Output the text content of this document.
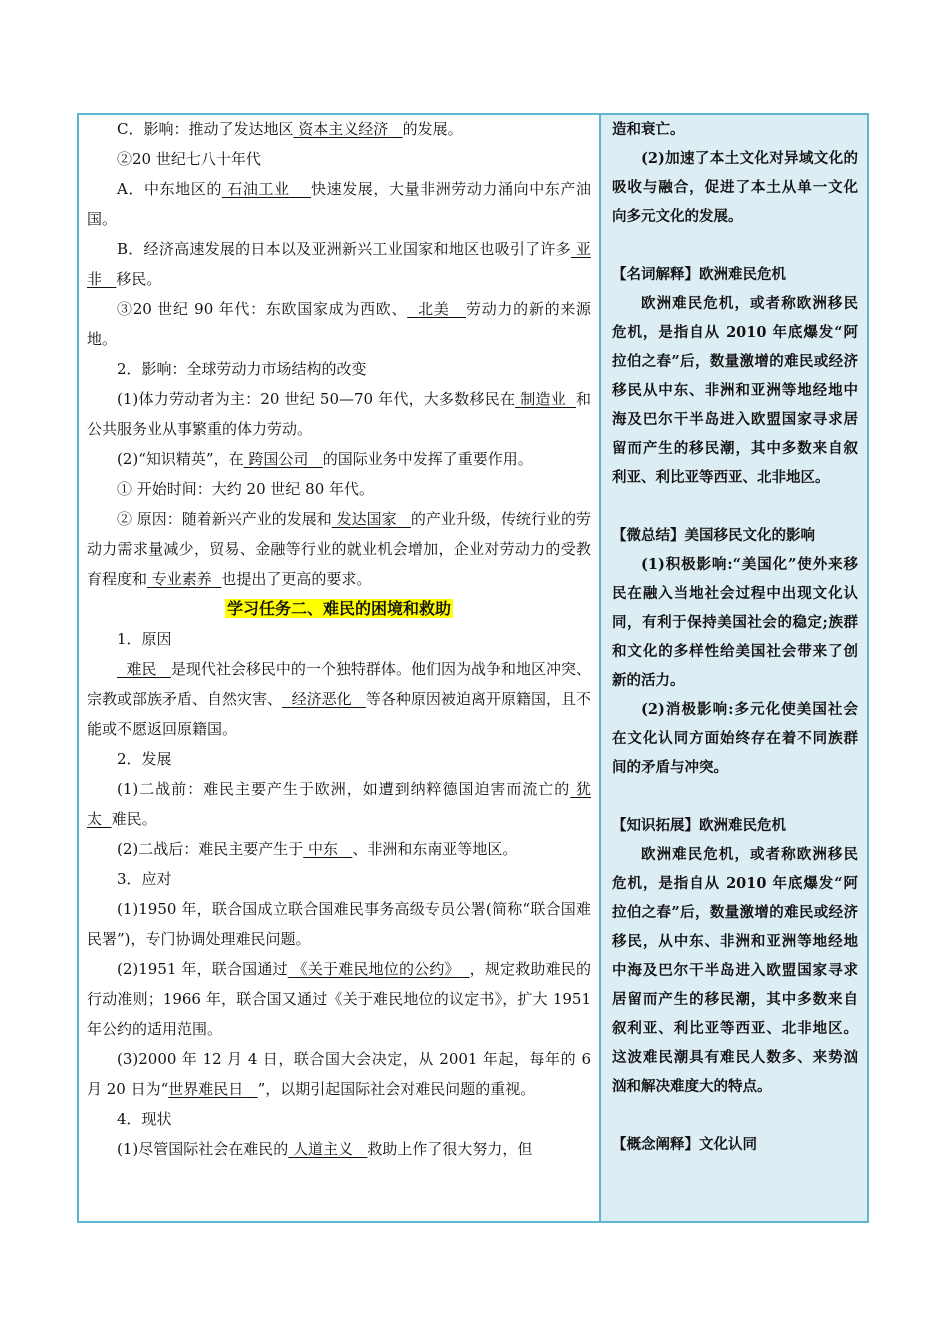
C．影响：推动了发达地区 资本主义经济 的发展。

②20 世纪七八十年代

A．中东地区的 石油工业 快速发展，大量非洲劳动力涌向中东产油国。

B．经济高速发展的日本以及亚洲新兴工业国家和地区也吸引了许多 亚非 移民。

③20 世纪 90 年代：东欧国家成为西欧、 北美 劳动力的新的来源地。

2．影响：全球劳动力市场结构的改变

(1)体力劳动者为主：20 世纪 50—70 年代，大多数移民在 制造业 和公共服务业从事繁重的体力劳动。

(2)“知识精英”，在 跨国公司 的国际业务中发挥了重要作用。

① 开始时间：大约 20 世纪 80 年代。

② 原因：随着新兴产业的发展和 发达国家 的产业升级，传统行业的劳动力需求量减少，贸易、金融等行业的就业机会增加，企业对劳动力的受教育程度和 专业素养 也提出了更高的要求。

学习任务二、难民的困境和救助

1．原因

难民 是现代社会移民中的一个独特群体。他们因为战争和地区冲突、宗教或部族矛盾、自然灾害、 经济恶化 等各种原因被迫离开原籍国，且不能或不愿返回原籍国。

2．发展

(1)二战前：难民主要产生于欧洲，如遭到纳粹德国迫害而流亡的 犹太 难民。

(2)二战后：难民主要产生于 中东 、非洲和东南亚等地区。

3．应对

(1)1950 年，联合国成立联合国难民事务高级专员公署(简称“联合国难民署”)，专门协调处理难民问题。

(2)1951 年，联合国通过 《关于难民地位的公约》 ，规定救助难民的行动准则；1966 年，联合国又通过《关于难民地位的议定书》，扩大 1951 年公约的适用范围。

(3)2000 年 12 月 4 日，联合国大会决定，从 2001 年起，每年的 6 月 20 日为“世界难民日 ”，以期引起国际社会对难民问题的重视。

4．现状

(1)尽管国际社会在难民的 人道主义 救助上作了很大努力，但

造和衰亡。

(2)加速了本土文化对异域文化的吸收与融合，促进了本土从单一文化向多元文化的发展。

【名词解释】欧洲难民危机

欧洲难民危机，或者称欧洲移民危机，是指自从 2010 年底爆发“阿拉伯之春”后，数量激增的难民或经济移民从中东、非洲和亚洲等地经地中海及巴尔干半岛进入欧盟国家寻求居留而产生的移民潮，其中多数来自叙利亚、利比亚等西亚、北非地区。

【微总结】美国移民文化的影响

(1)积极影响:“美国化”使外来移民在融入当地社会过程中出现文化认同，有利于保持美国社会的稳定;族群和文化的多样性给美国社会带来了创新的活力。

(2)消极影响:多元化使美国社会在文化认同方面始终存在着不同族群间的矛盾与冲突。

【知识拓展】欧洲难民危机

欧洲难民危机，或者称欧洲移民危机，是指自从 2010 年底爆发“阿拉伯之春”后，数量激增的难民或经济移民，从中东、非洲和亚洲等地经地中海及巴尔干半岛进入欧盟国家寻求居留而产生的移民潮，其中多数来自叙利亚、利比亚等西亚、北非地区。这波难民潮具有难民人数多、来势汹汹和解决难度大的特点。

【概念阐释】文化认同
